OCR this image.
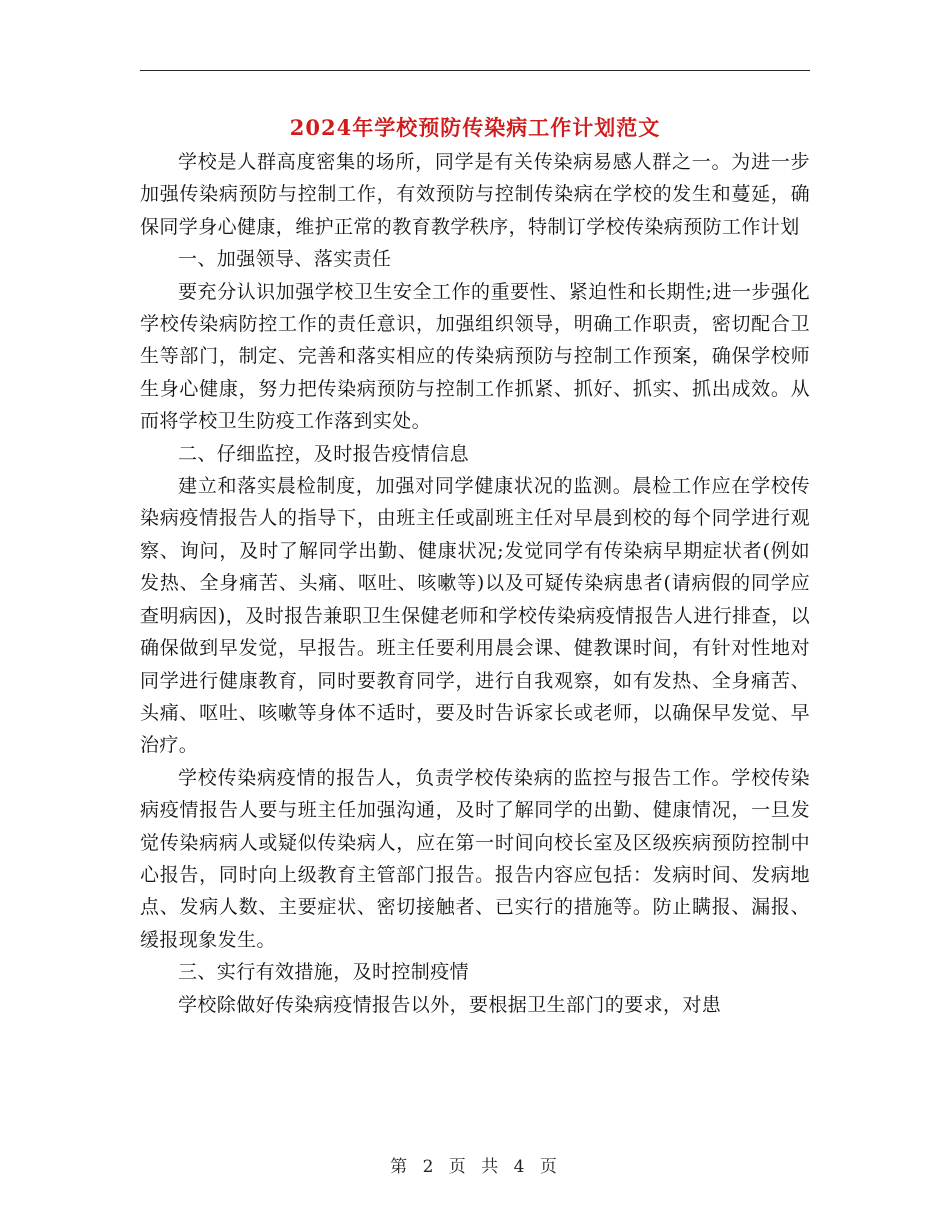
2024年学校预防传染病工作计划范文

学校是人群高度密集的场所，同学是有关传染病易感人群之一。为进一步加强传染病预防与控制工作，有效预防与控制传染病在学校的发生和蔓延，确保同学身心健康，维护正常的教育教学秩序，特制订学校传染病预防工作计划

一、加强领导、落实责任

要充分认识加强学校卫生安全工作的重要性、紧迫性和长期性;进一步强化学校传染病防控工作的责任意识，加强组织领导，明确工作职责，密切配合卫生等部门，制定、完善和落实相应的传染病预防与控制工作预案，确保学校师生身心健康，努力把传染病预防与控制工作抓紧、抓好、抓实、抓出成效。从而将学校卫生防疫工作落到实处。

二、仔细监控，及时报告疫情信息

建立和落实晨检制度，加强对同学健康状况的监测。晨检工作应在学校传染病疫情报告人的指导下，由班主任或副班主任对早晨到校的每个同学进行观察、询问，及时了解同学出勤、健康状况;发觉同学有传染病早期症状者(例如发热、全身痛苦、头痛、呕吐、咳嗽等)以及可疑传染病患者(请病假的同学应查明病因)，及时报告兼职卫生保健老师和学校传染病疫情报告人进行排查，以确保做到早发觉，早报告。班主任要利用晨会课、健教课时间，有针对性地对同学进行健康教育，同时要教育同学，进行自我观察，如有发热、全身痛苦、头痛、呕吐、咳嗽等身体不适时，要及时告诉家长或老师，以确保早发觉、早治疗。

学校传染病疫情的报告人，负责学校传染病的监控与报告工作。学校传染病疫情报告人要与班主任加强沟通，及时了解同学的出勤、健康情况，一旦发觉传染病病人或疑似传染病人，应在第一时间向校长室及区级疾病预防控制中心报告，同时向上级教育主管部门报告。报告内容应包括：发病时间、发病地点、发病人数、主要症状、密切接触者、已实行的措施等。防止瞒报、漏报、缓报现象发生。

三、实行有效措施，及时控制疫情

学校除做好传染病疫情报告以外，要根据卫生部门的要求，对患

第 2 页 共 4 页
